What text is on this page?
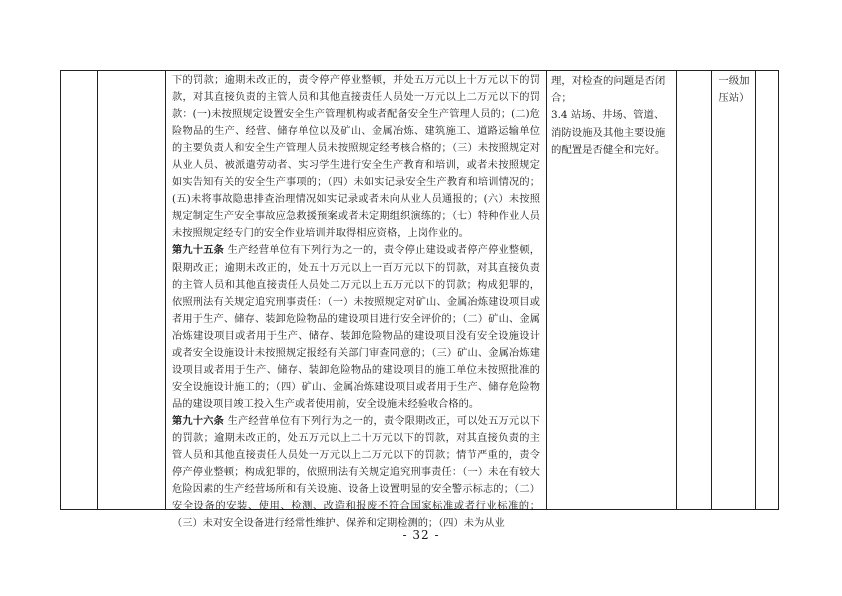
下的罚款；逾期未改正的，责令停产停业整顿，并处五万元以上十万元以下的罚款，对其直接负责的主管人员和其他直接责任人员处一万元以上二万元以下的罚款：(一)未按照规定设置安全生产管理机构或者配备安全生产管理人员的；(二)危险物品的生产、经营、储存单位以及矿山、金属冶炼、建筑施工、道路运输单位的主要负责人和安全生产管理人员未按照规定经考核合格的；（三）未按照规定对从业人员、被派遣劳动者、实习学生进行安全生产教育和培训，或者未按照规定如实告知有关的安全生产事项的；（四）未如实记录安全生产教育和培训情况的；(五)未将事故隐患排查治理情况如实记录或者未向从业人员通报的；(六）未按照规定制定生产安全事故应急救援预案或者未定期组织演练的；（七）特种作业人员未按照规定经专门的安全作业培训并取得相应资格，上岗作业的。

第九十五条 生产经营单位有下列行为之一的，责令停止建设或者停产停业整顿，限期改正；逾期未改正的，处五十万元以上一百万元以下的罚款，对其直接负责的主管人员和其他直接责任人员处二万元以上五万元以下的罚款；构成犯罪的，依照刑法有关规定追究刑事责任：（一）未按照规定对矿山、金属冶炼建设项目或者用于生产、储存、装卸危险物品的建设项目进行安全评价的；（二）矿山、金属冶炼建设项目或者用于生产、储存、装卸危险物品的建设项目没有安全设施设计或者安全设施设计未按照规定报经有关部门审查同意的；（三）矿山、金属冶炼建设项目或者用于生产、储存、装卸危险物品的建设项目的施工单位未按照批准的安全设施设计施工的；（四）矿山、金属冶炼建设项目或者用于生产、储存危险物品的建设项目竣工投入生产或者使用前，安全设施未经验收合格的。

第九十六条 生产经营单位有下列行为之一的，责令限期改正，可以处五万元以下的罚款；逾期未改正的，处五万元以上二十万元以下的罚款，对其直接负责的主管人员和其他直接责任人员处一万元以上二万元以下的罚款；情节严重的，责令停产停业整顿；构成犯罪的，依照刑法有关规定追究刑事责任：（一）未在有较大危险因素的生产经营场所和有关设施、设备上设置明显的安全警示标志的；（二）安全设备的安装、使用、检测、改造和报废不符合国家标准或者行业标准的；（三）未对安全设备进行经常性维护、保养和定期检测的；（四）未为从业

理，对检查的问题是否闭合；

3.4 站场、井场、管道、消防设施及其他主要设施的配置是否健全和完好。

一级加压站）
- 32 -
